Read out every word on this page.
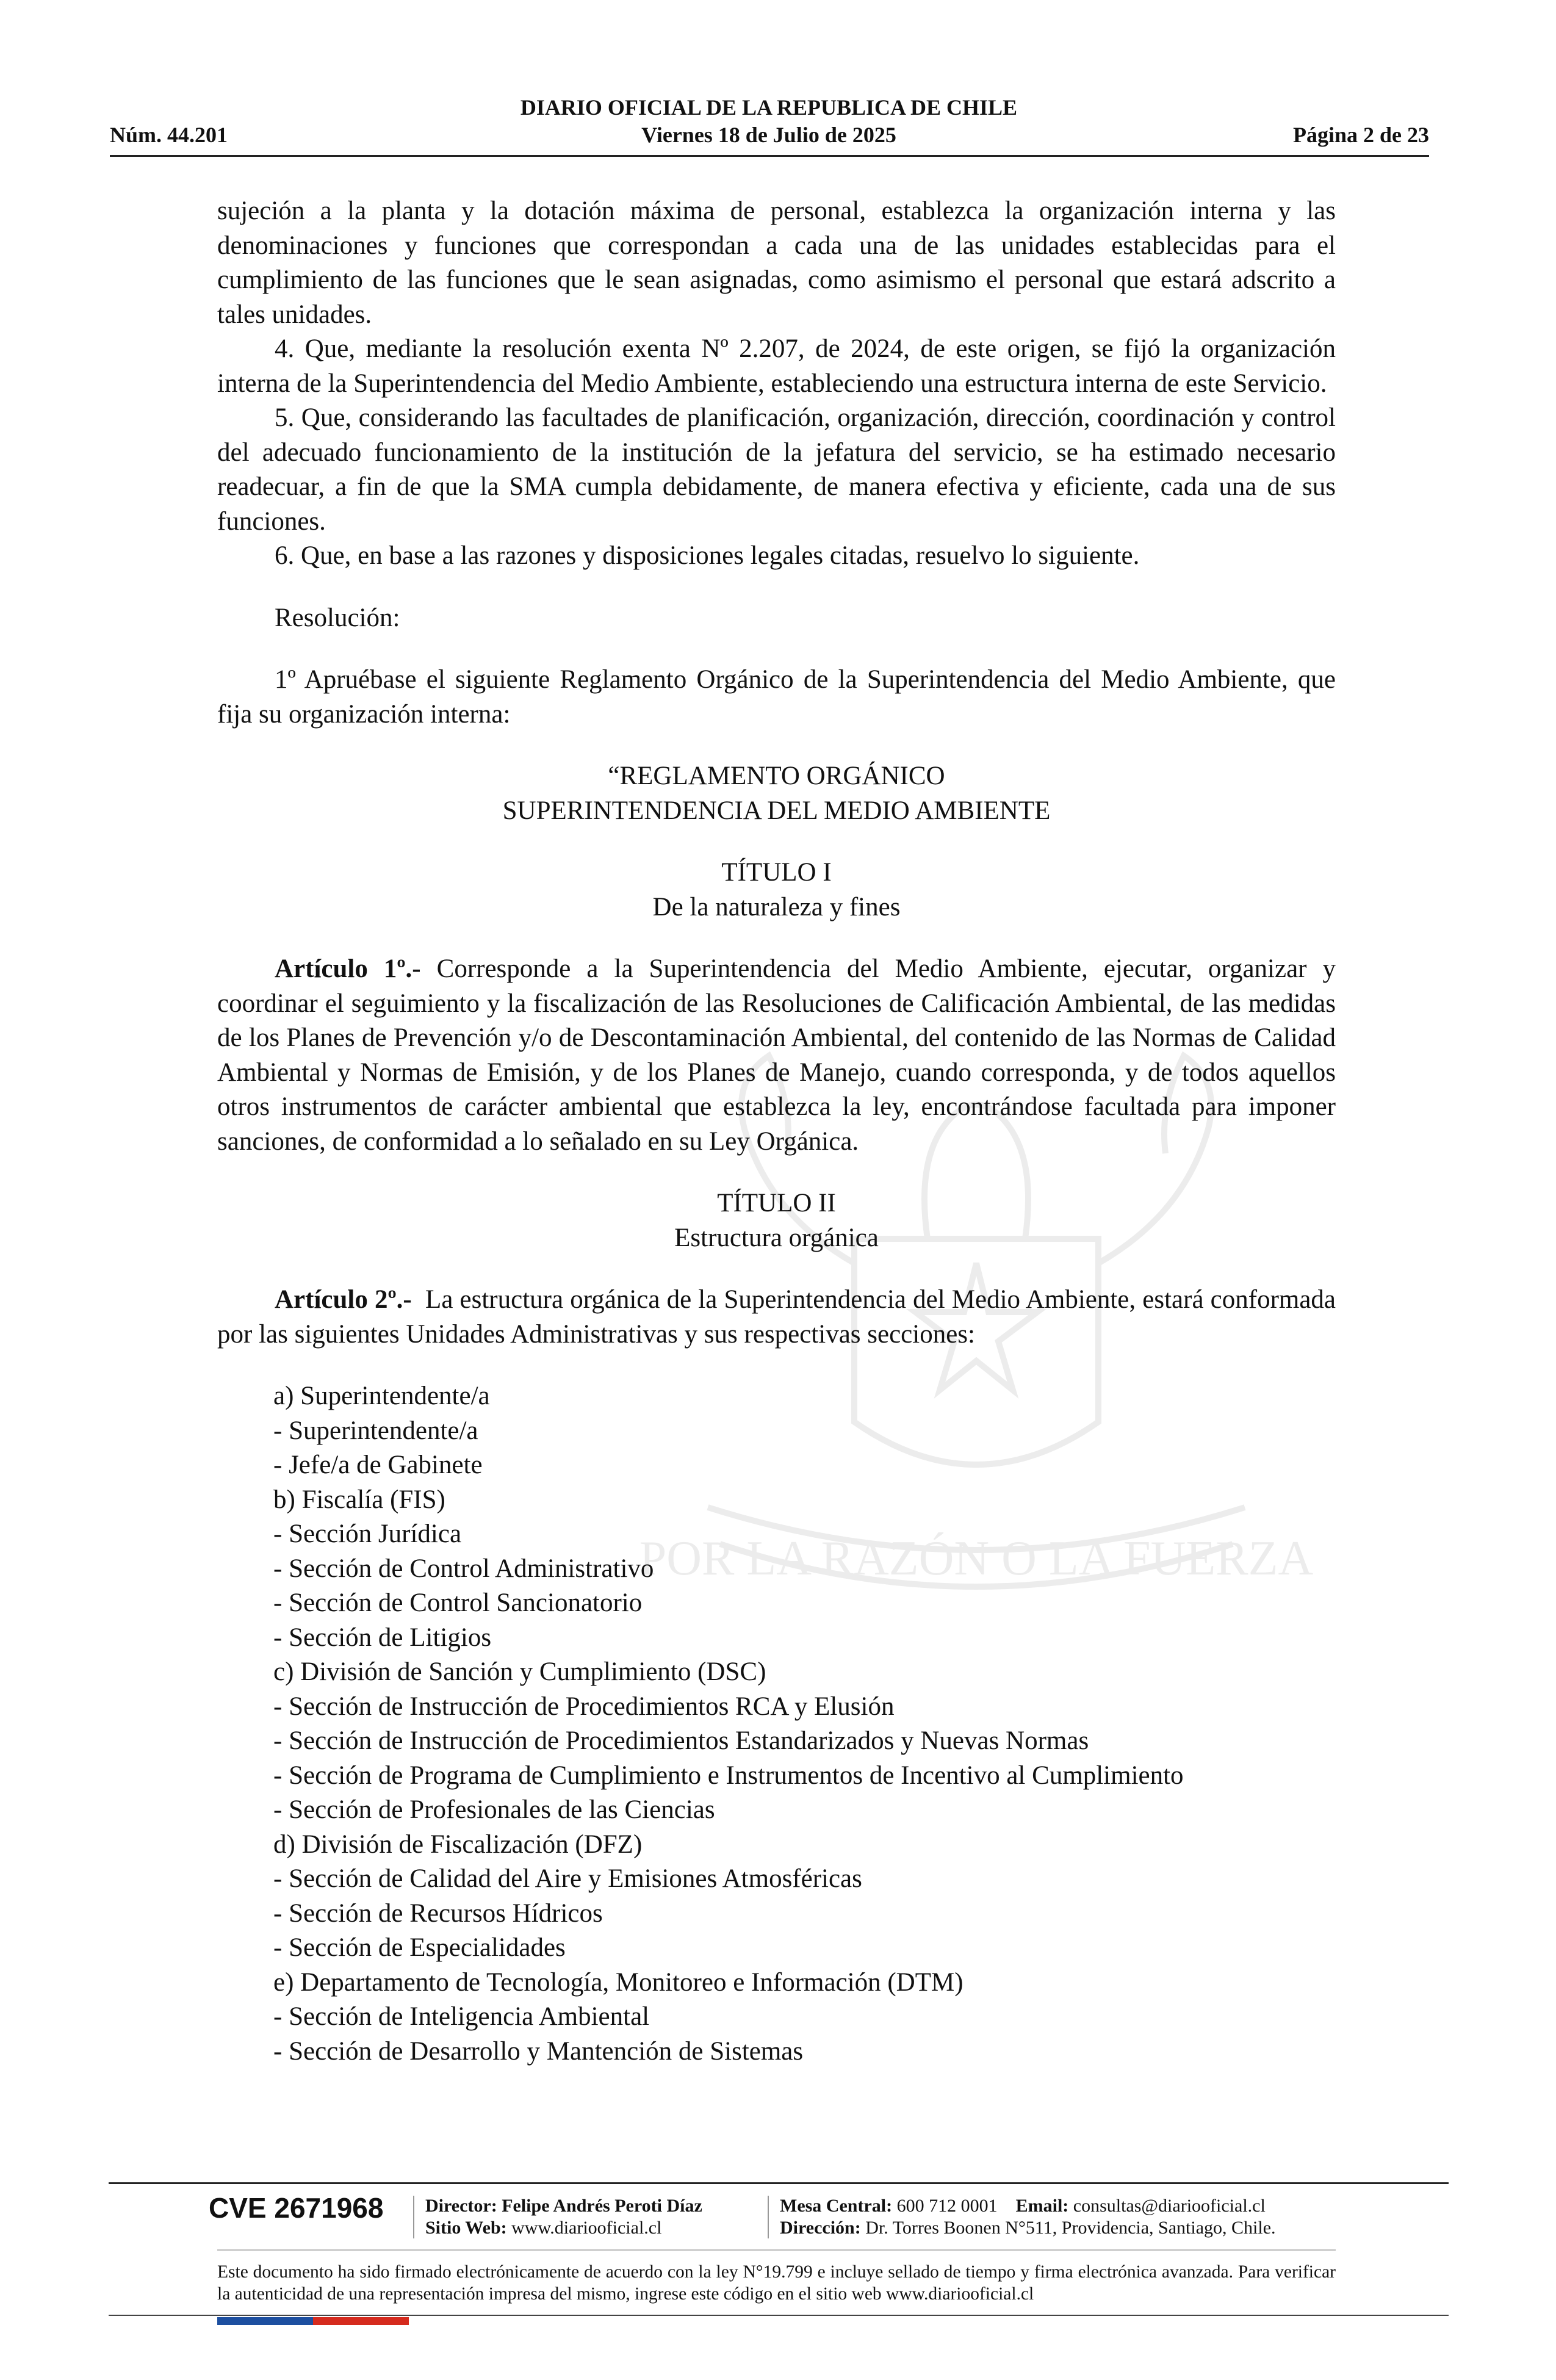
DIARIO OFICIAL DE LA REPUBLICA DE CHILE
Núm. 44.201	Viernes 18 de Julio de 2025	Página 2 de 23
POR LA RAZÓN O LA FUERZA

sujeción a la planta y la dotación máxima de personal, establezca la organización interna y las denominaciones y funciones que correspondan a cada una de las unidades establecidas para el cumplimiento de las funciones que le sean asignadas, como asimismo el personal que estará adscrito a tales unidades.

4. Que, mediante la resolución exenta Nº 2.207, de 2024, de este origen, se fijó la organización interna de la Superintendencia del Medio Ambiente, estableciendo una estructura interna de este Servicio.

5. Que, considerando las facultades de planificación, organización, dirección, coordinación y control del adecuado funcionamiento de la institución de la jefatura del servicio, se ha estimado necesario readecuar, a fin de que la SMA cumpla debidamente, de manera efectiva y eficiente, cada una de sus funciones.

6. Que, en base a las razones y disposiciones legales citadas, resuelvo lo siguiente.

Resolución:

1º Apruébase el siguiente Reglamento Orgánico de la Superintendencia del Medio Ambiente, que fija su organización interna:

“REGLAMENTO ORGÁNICO

SUPERINTENDENCIA DEL MEDIO AMBIENTE

TÍTULO I

De la naturaleza y fines

Artículo 1º.- Corresponde a la Superintendencia del Medio Ambiente, ejecutar, organizar y coordinar el seguimiento y la fiscalización de las Resoluciones de Calificación Ambiental, de las medidas de los Planes de Prevención y/o de Descontaminación Ambiental, del contenido de las Normas de Calidad Ambiental y Normas de Emisión, y de los Planes de Manejo, cuando corresponda, y de todos aquellos otros instrumentos de carácter ambiental que establezca la ley, encontrándose facultada para imponer sanciones, de conformidad a lo señalado en su Ley Orgánica.

TÍTULO II

Estructura orgánica

Artículo 2º.- La estructura orgánica de la Superintendencia del Medio Ambiente, estará conformada por las siguientes Unidades Administrativas y sus respectivas secciones:

a) Superintendente/a

- Superintendente/a

- Jefe/a de Gabinete

b) Fiscalía (FIS)

- Sección Jurídica

- Sección de Control Administrativo

- Sección de Control Sancionatorio

- Sección de Litigios

c) División de Sanción y Cumplimiento (DSC)

- Sección de Instrucción de Procedimientos RCA y Elusión

- Sección de Instrucción de Procedimientos Estandarizados y Nuevas Normas

- Sección de Programa de Cumplimiento e Instrumentos de Incentivo al Cumplimiento

- Sección de Profesionales de las Ciencias

d) División de Fiscalización (DFZ)

- Sección de Calidad del Aire y Emisiones Atmosféricas

- Sección de Recursos Hídricos

- Sección de Especialidades

e) Departamento de Tecnología, Monitoreo e Información (DTM)

- Sección de Inteligencia Ambiental

- Sección de Desarrollo y Mantención de Sistemas

CVE 2671968 Director: Felipe Andrés Peroti Díaz
Sitio Web: www.diariooficial.cl
Mesa Central: 600 712 0001 Email: consultas@diariooficial.cl
Dirección: Dr. Torres Boonen N°511, Providencia, Santiago, Chile.
Este documento ha sido firmado electrónicamente de acuerdo con la ley N°19.799 e incluye sellado de tiempo y firma electrónica avanzada. Para verificar la autenticidad de una representación impresa del mismo, ingrese este código en el sitio web www.diariooficial.cl
